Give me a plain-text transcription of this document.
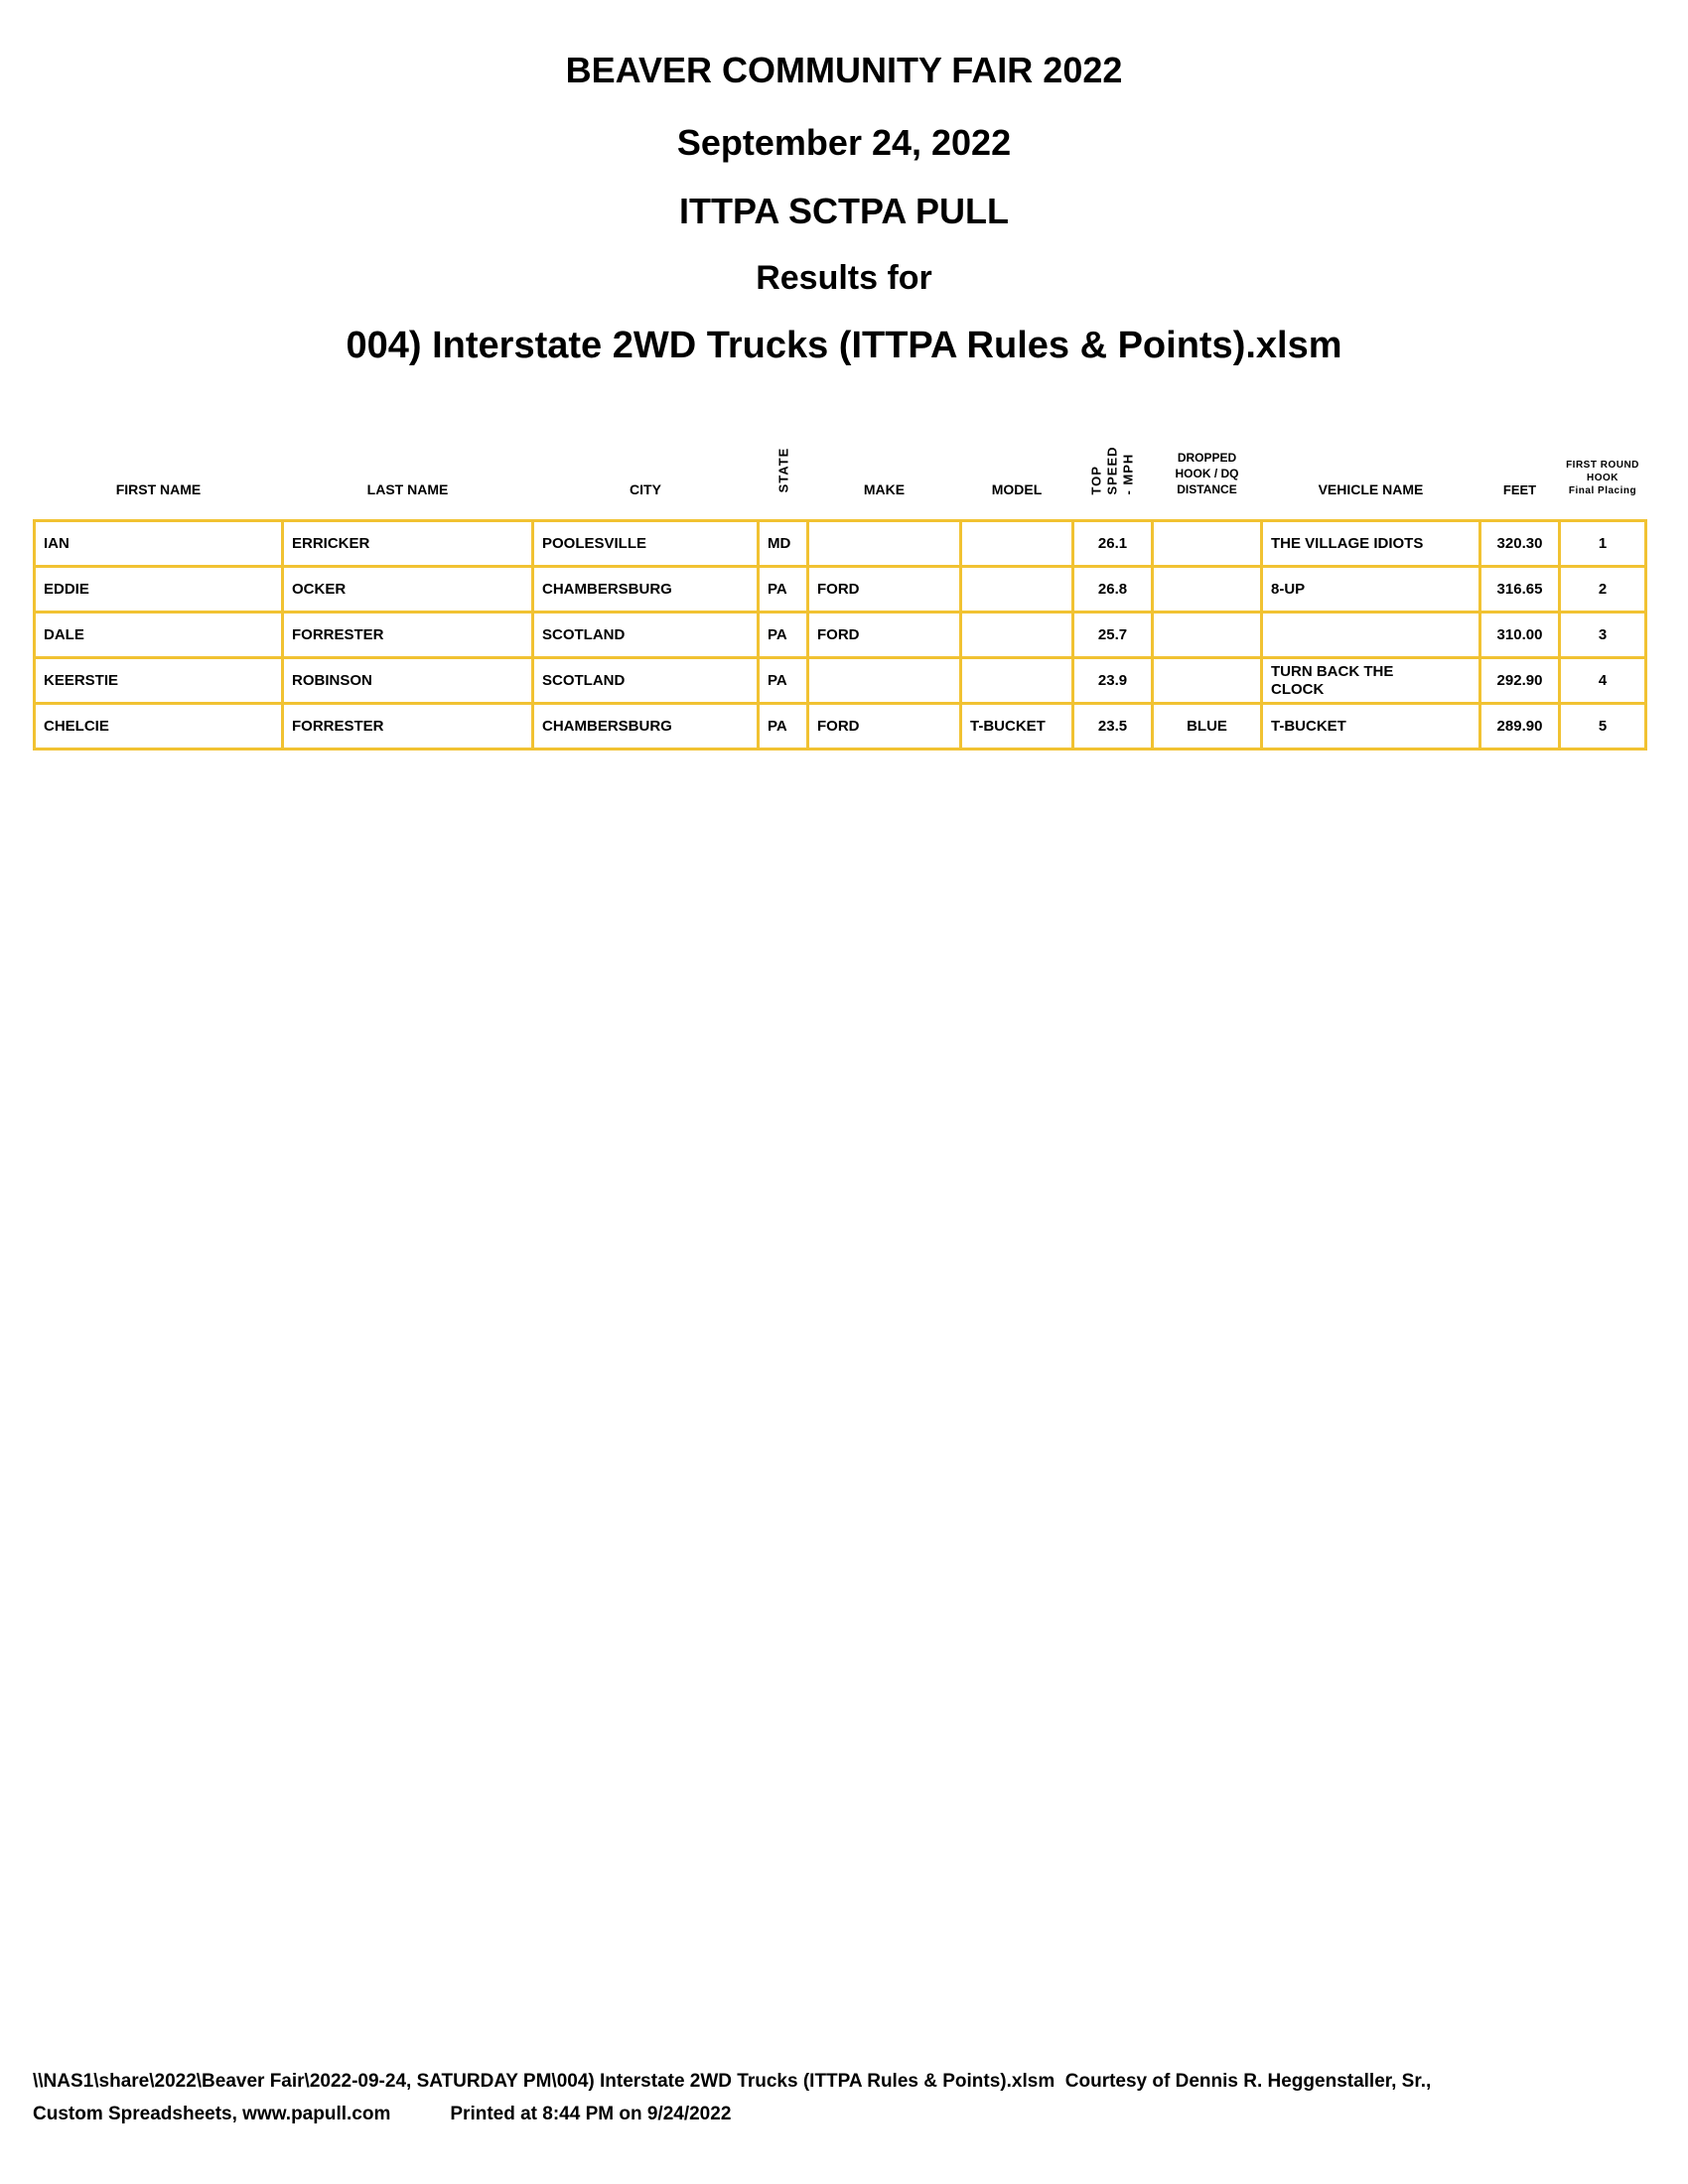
BEAVER COMMUNITY FAIR 2022

September 24, 2022

ITTPA SCTPA PULL

Results for

004) Interstate 2WD Trucks (ITTPA Rules & Points).xlsm

FIRST NAME	LAST NAME	CITY	STATE	MAKE	MODEL	TOP SPEED - MPH	DROPPED
HOOK / DQ
DISTANCE	VEHICLE NAME	FEET	
FIRST ROUND
HOOK
Final Placing

IAN	ERRICKER	POOLESVILLE	MD			26.1		THE VILLAGE IDIOTS	320.30	1
EDDIE	OCKER	CHAMBERSBURG	PA	FORD		26.8		8-UP	316.65	2
DALE	FORRESTER	SCOTLAND	PA	FORD		25.7			310.00	3
KEERSTIE	ROBINSON	SCOTLAND	PA			23.9		TURN BACK THE CLOCK	292.90	4
CHELCIE	FORRESTER	CHAMBERSBURG	PA	FORD	T-BUCKET	23.5	BLUE	T-BUCKET	289.90	5

\\NAS1\share\2022\Beaver Fair\2022-09-24, SATURDAY PM\004) Interstate 2WD Trucks (ITTPA Rules & Points).xlsm  Courtesy of Dennis R. Heggenstaller, Sr.,

Custom Spreadsheets, www.papull.com	Printed at 8:44 PM on 9/24/2022
